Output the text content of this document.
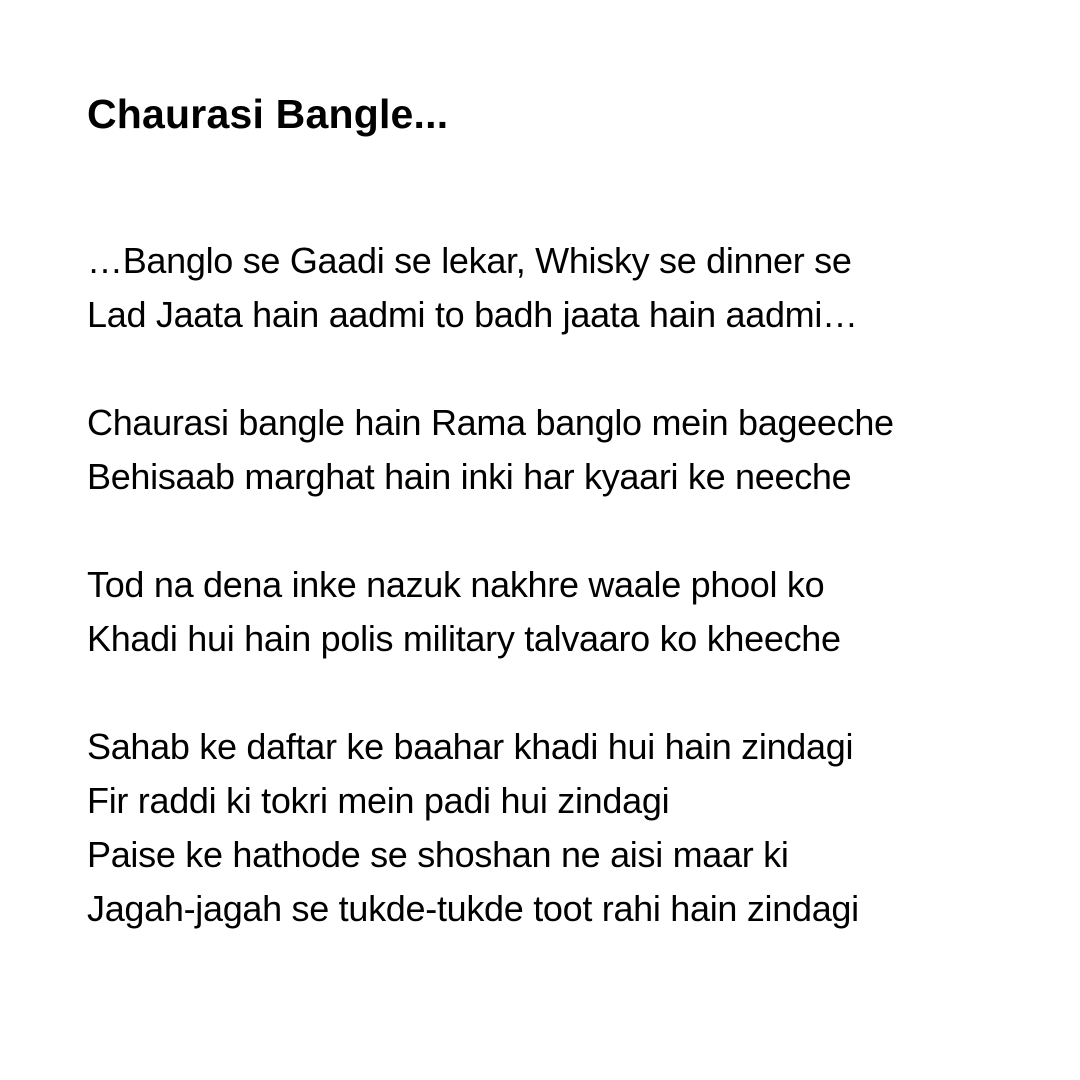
Chaurasi Bangle...
…Banglo se Gaadi se lekar, Whisky se dinner se
Lad Jaata hain aadmi to badh jaata hain aadmi…
Chaurasi bangle hain Rama banglo mein bageeche
Behisaab marghat hain inki har kyaari ke neeche
Tod na dena inke nazuk nakhre waale phool ko
Khadi hui hain polis military talvaaro ko kheeche
Sahab ke daftar ke baahar khadi hui hain zindagi
Fir raddi ki tokri mein padi hui zindagi
Paise ke hathode se shoshan ne aisi maar ki
Jagah-jagah se tukde-tukde toot rahi hain zindagi
